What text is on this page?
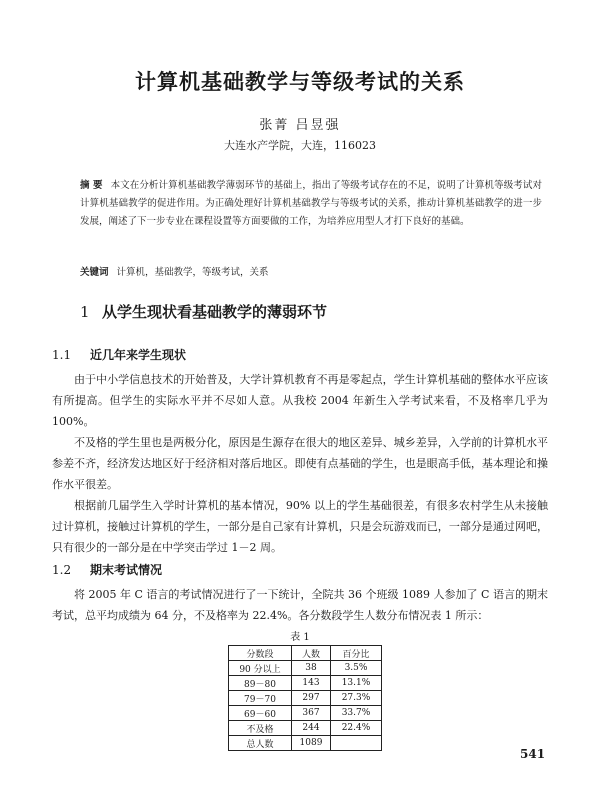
计算机基础教学与等级考试的关系
张菁 吕昱强
大连水产学院，大连，116023
摘 要 本文在分析计算机基础教学薄弱环节的基础上，指出了等级考试存在的不足，说明了计算机等级考试对计算机基础教学的促进作用。为正确处理好计算机基础教学与等级考试的关系，推动计算机基础教学的进一步发展，阐述了下一步专业在课程设置等方面要做的工作，为培养应用型人才打下良好的基础。
关键词 计算机，基础教学，等级考试，关系
1 从学生现状看基础教学的薄弱环节
1.1 近几年来学生现状
由于中小学信息技术的开始普及，大学计算机教育不再是零起点，学生计算机基础的整体水平应该有所提高。但学生的实际水平并不尽如人意。从我校 2004 年新生入学考试来看，不及格率几乎为 100%。
不及格的学生里也是两极分化，原因是生源存在很大的地区差异、城乡差异，入学前的计算机水平参差不齐，经济发达地区好于经济相对落后地区。即使有点基础的学生，也是眼高手低，基本理论和操作水平很差。
根据前几届学生入学时计算机的基本情况，90% 以上的学生基础很差，有很多农村学生从未接触过计算机，接触过计算机的学生，一部分是自己家有计算机，只是会玩游戏而已，一部分是通过网吧，只有很少的一部分是在中学突击学过 1－2 周。
1.2 期末考试情况
将 2005 年 C 语言的考试情况进行了一下统计，全院共 36 个班级 1089 人参加了 C 语言的期末考试，总平均成绩为 64 分，不及格率为 22.4%。各分数段学生人数分布情况表 1 所示：
表 1
分数段	人数	百分比
90 分以上	38	3.5%
89－80	143	13.1%
79－70	297	27.3%
69－60	367	33.7%
不及格	244	22.4%
总人数	1089	
541
